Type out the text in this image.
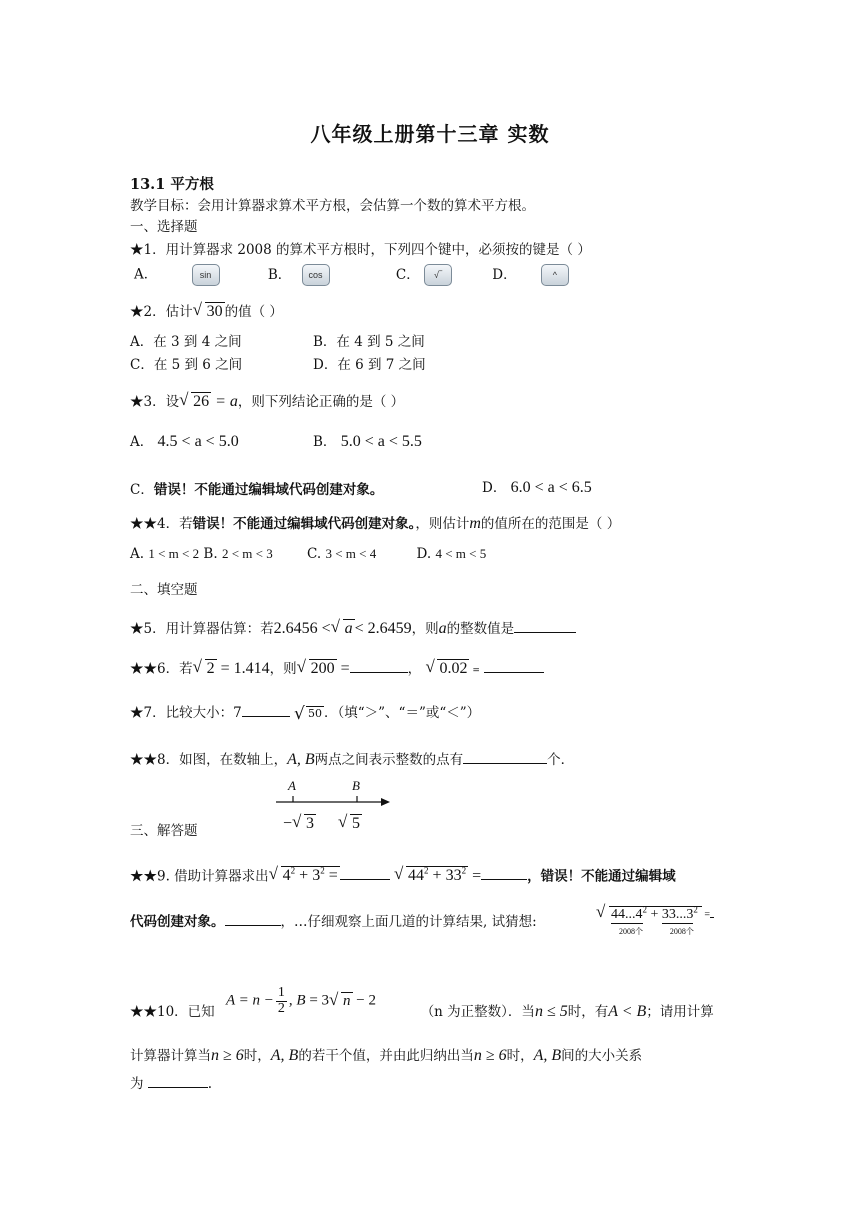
八年级上册第十三章 实数
13.1 平方根
教学目标：会用计算器求算术平方根，会估算一个数的算术平方根。
一、选择题
★1．用计算器求 2008 的算术平方根时，下列四个键中，必须按的键是（ ）
A．	sin	B． cos	C． √‾	D．	^
★2．估计 √ 30 的值（ ）
A．在 3 到 4 之间	B．在 4 到 5 之间
C．在 5 到 6 之间	D．在 6 到 7 之间
★3．设 √ 26 = a，则下列结论正确的是（ ）
A． 4.5 < a < 5.0	B． 5.0 < a < 5.5
C．错误！不能通过编辑域代码创建对象。	D． 6.0 < a < 6.5
★★4．若错误！不能通过编辑域代码创建对象。，则估计m的值所在的范围是（ ）
A. 1 < m < 2 B. 2 < m < 3	C. 3 < m < 4	D. 4 < m < 5
二、填空题
★5．用计算器估算：若2.6456 < √ a < 2.6459，则a的整数值是
★★6．若 √ 2 = 1.414，则 √ 200 =	， √ 0.02 =
★7．比较大小：7	√ 50 ．（填“＞”、“＝”或“＜”）
★★8．如图，在数轴上，A, B两点之间表示整数的点有	个．
A	B
− √ 3	√ 5
三、解答题
★★9. 借助计算器求出 √ $4^2 + 3^2$ =	√ $44^2 + 33^2$ =	，错误！不能通过编辑域
代码创建对象。	，…仔细观察上面几道的计算结果, 试猜想:	√ 44...4
2008个
$^2$ + 33...3
2008个
$^2$ =
$A = n - \frac{1}{2}$ , B = 3 √ n − 2
★★10．已知	（n 为正整数）．当n ≤ 5时，有A < B；请用计算
计算器计算当n ≥ 6时，A, B的若干个值，并由此归纳出当n ≥ 6时，A, B间的大小关系
为	.
